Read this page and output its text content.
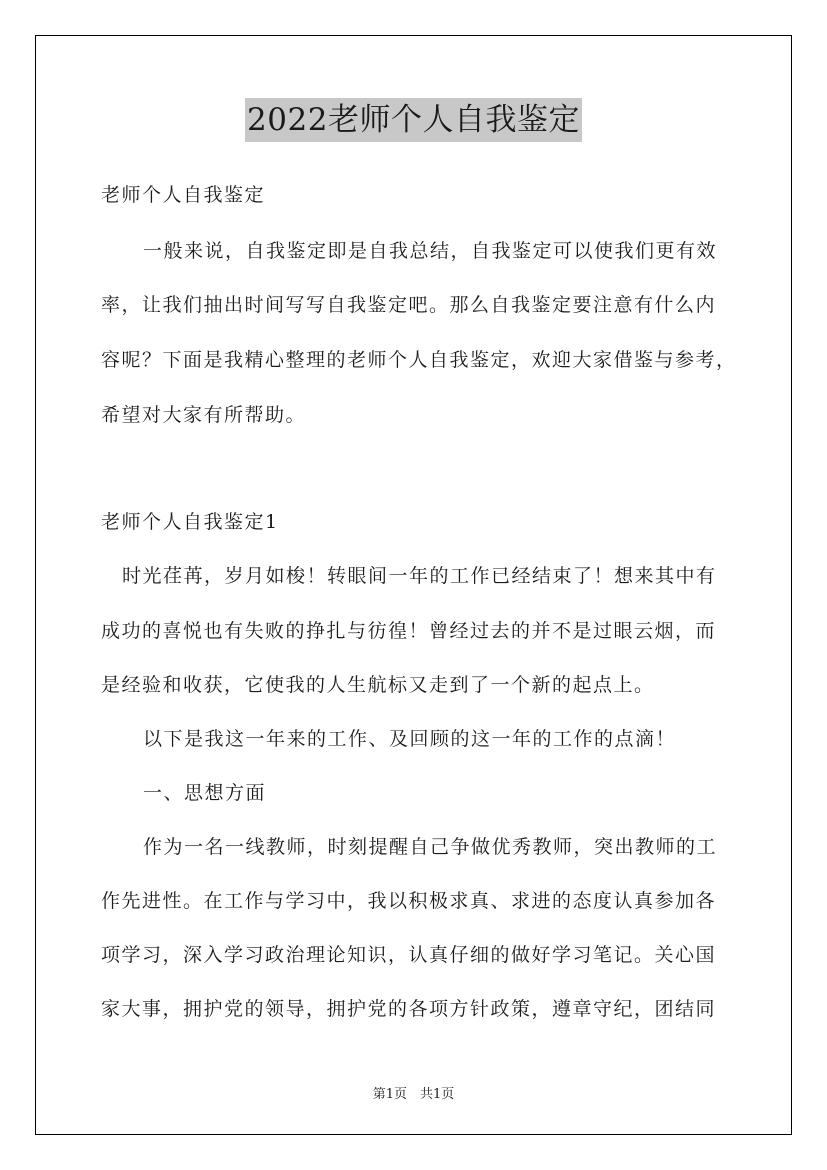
2022老师个人自我鉴定
老师个人自我鉴定
一般来说，自我鉴定即是自我总结，自我鉴定可以使我们更有效
率，让我们抽出时间写写自我鉴定吧。那么自我鉴定要注意有什么内
容呢？下面是我精心整理的老师个人自我鉴定，欢迎大家借鉴与参考，
希望对大家有所帮助。
老师个人自我鉴定1
时光荏苒，岁月如梭！转眼间一年的工作已经结束了！想来其中有
成功的喜悦也有失败的挣扎与彷徨！曾经过去的并不是过眼云烟，而
是经验和收获，它使我的人生航标又走到了一个新的起点上。
以下是我这一年来的工作、及回顾的这一年的工作的点滴！
一、思想方面
作为一名一线教师，时刻提醒自己争做优秀教师，突出教师的工
作先进性。在工作与学习中，我以积极求真、求进的态度认真参加各
项学习，深入学习政治理论知识，认真仔细的做好学习笔记。关心国
家大事，拥护党的领导，拥护党的各项方针政策，遵章守纪，团结同
第1页　共1页
